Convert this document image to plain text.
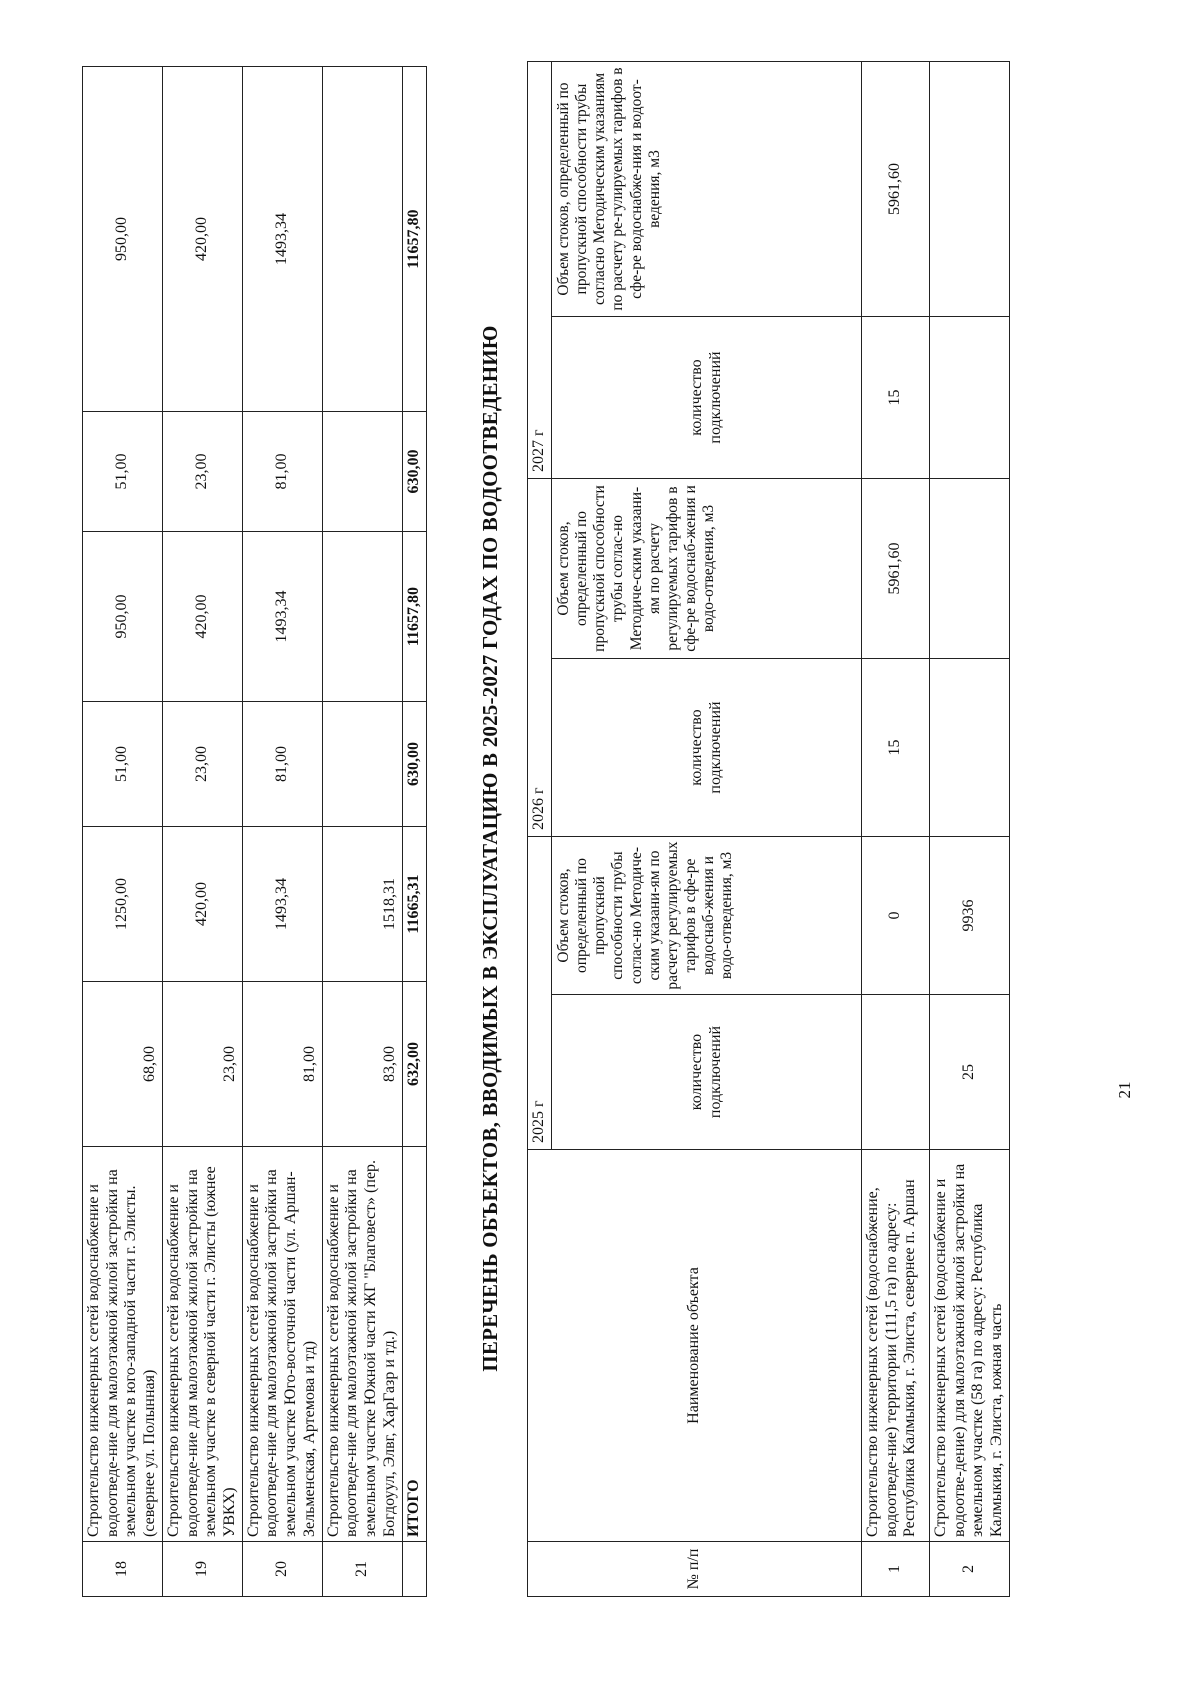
18	Строительство инженерных сетей водоснабжение и водоотведе-ние для малоэтажной жилой застройки на земельном участке в юго-западной части г. Элисты. (севернее ул. Полынная)	68,00	1250,00	51,00	950,00	51,00	950,00
19	Строительство инженерных сетей водоснабжение и водоотведе-ние для малоэтажной жилой застройки на земельном участке в северной части г. Элисты (южнее УВКХ)	23,00	420,00	23,00	420,00	23,00	420,00
20	Строительство инженерных сетей водоснабжение и водоотведе-ние для малоэтажной жилой застройки на земельном участке Юго-восточной части (ул. Аршан-Зельменская, Артемова и тд)	81,00	1493,34	81,00	1493,34	81,00	1493,34
21	Строительство инженерных сетей водоснабжение и водоотведе-ние для малоэтажной жилой застройки на земельном участке Южной части ЖГ "Благовест» (пер. Богдоуул, Элвг, ХарГазр и тд.)	83,00	1518,31				
	ИТОГО	632,00	11665,31	630,00	11657,80	630,00	11657,80
ПЕРЕЧЕНЬ ОБЪЕКТОВ, ВВОДИМЫХ В ЭКСПЛУАТАЦИЮ В 2025-2027 ГОДАХ ПО ВОДООТВЕДЕНИЮ
№ п/п	Наименование объекта	2025 г		2026 г		2027 г	
		количество подключений	Объем стоков, определенный по пропускной способности трубы соглас-но Методиче-ским указани-ям по расчету регулируемых тарифов в сфе-ре водоснаб-жения и водо-отведения, м3	количество подключений	Объем стоков, определенный по пропускной способности трубы соглас-но Методиче-ским указани-ям по расчету регулируемых тарифов в сфе-ре водоснаб-жения и водо-отведения, м3	количество подключений	Объем стоков, определенный по пропускной способности трубы согласно Методическим указаниям по расчету ре-гулируемых тарифов в сфе-ре водоснабже-ния и водоот-ведения, м3
1	Строительство инженерных сетей (водоснабжение, водоотведе-ние) территории (111,5 га) по адресу: Республика Калмыкия, г. Элиста, севернее п. Аршан		0	15	5961,60	15	5961,60
2	Строительство инженерных сетей (водоснабжение и водоотве-дение) для малоэтажной жилой застройки на земельном участке (58 га) по адресу: Республика Калмыкия, г. Элиста, южная часть	25	9936				
21
